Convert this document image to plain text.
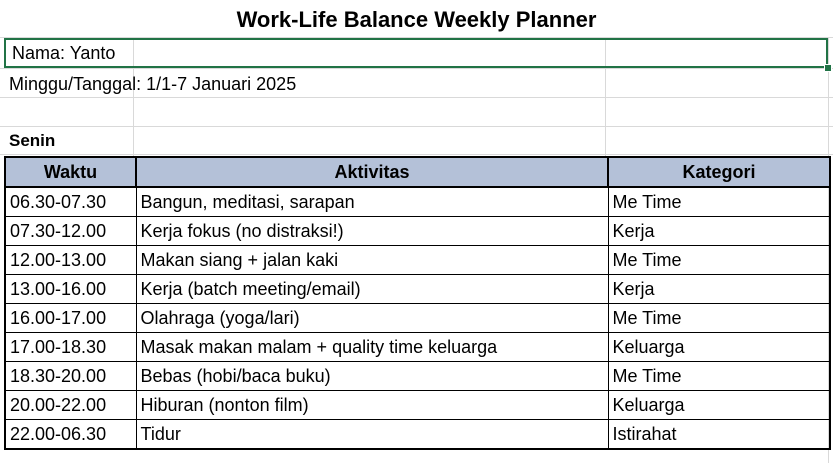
Work-Life Balance Weekly Planner
Nama: Yanto
Minggu/Tanggal: 1/1-7 Januari 2025
Senin
Waktu	Aktivitas	Kategori
06.30-07.30	Bangun, meditasi, sarapan	Me Time
07.30-12.00	Kerja fokus (no distraksi!)	Kerja
12.00-13.00	Makan siang + jalan kaki	Me Time
13.00-16.00	Kerja (batch meeting/email)	Kerja
16.00-17.00	Olahraga (yoga/lari)	Me Time
17.00-18.30	Masak makan malam + quality time keluarga	Keluarga
18.30-20.00	Bebas (hobi/baca buku)	Me Time
20.00-22.00	Hiburan (nonton film)	Keluarga
22.00-06.30	Tidur	Istirahat
